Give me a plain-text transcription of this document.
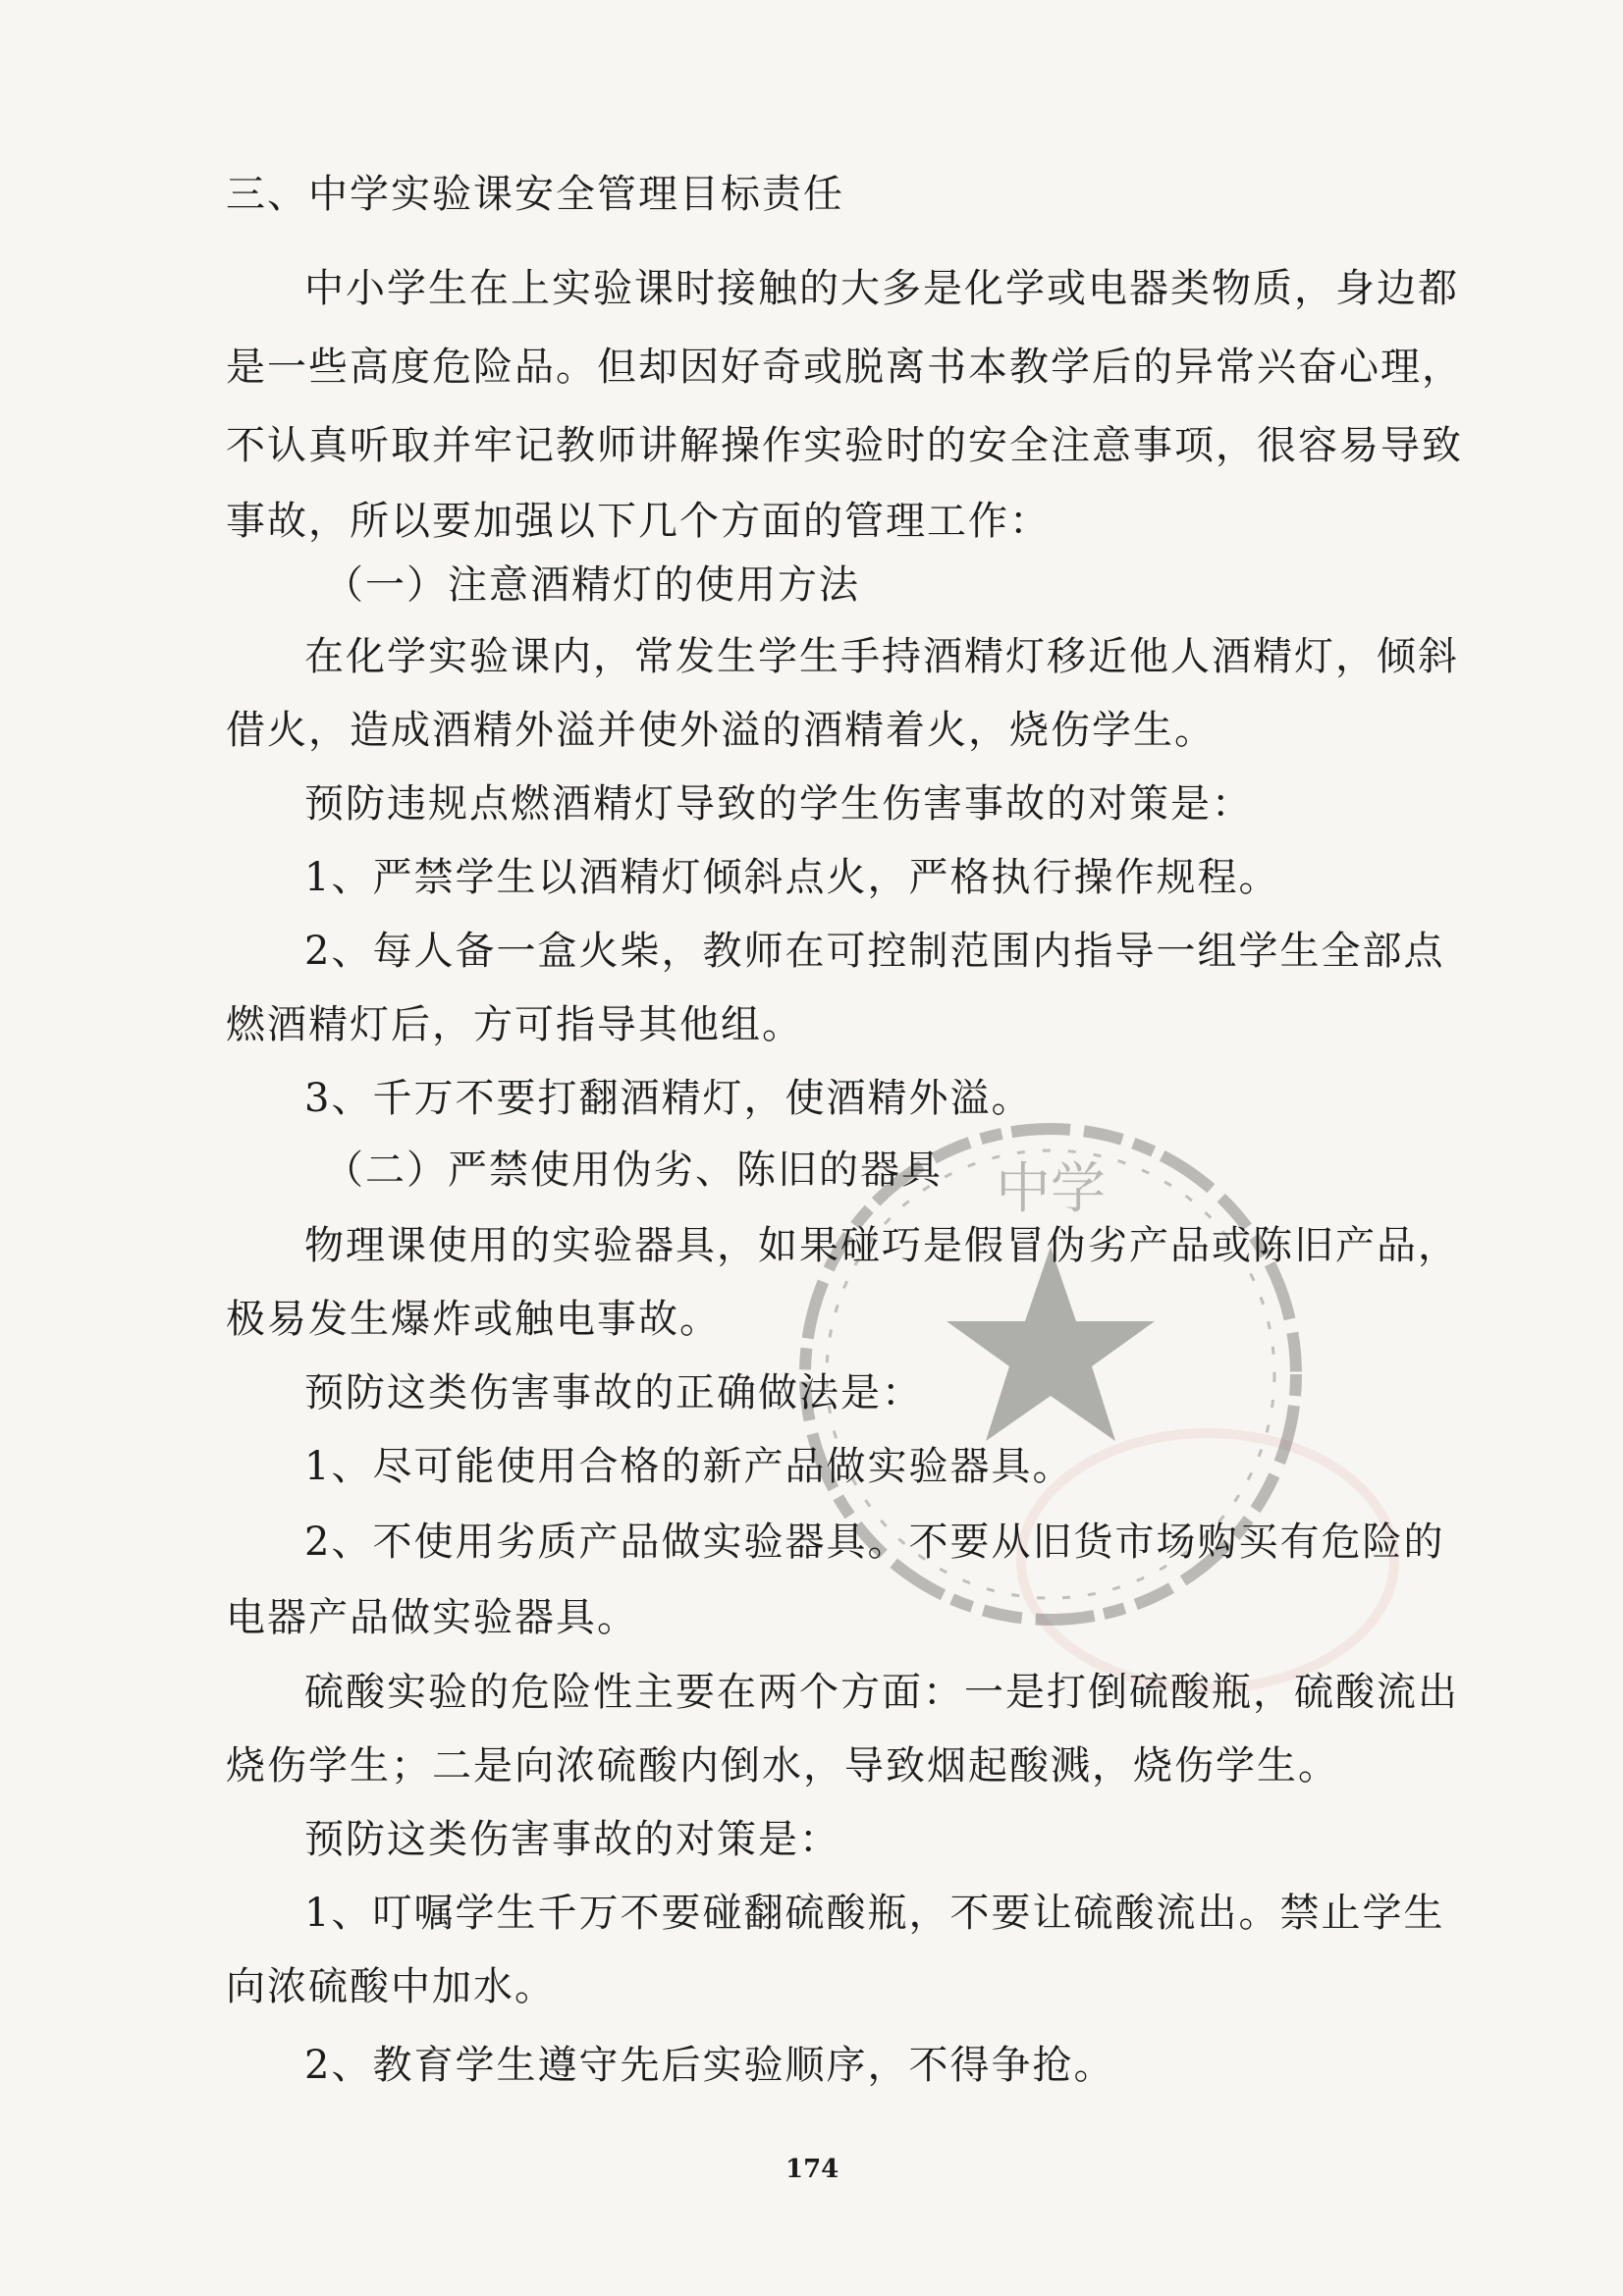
中学
三、中学实验课安全管理目标责任
中小学生在上实验课时接触的大多是化学或电器类物质，身边都
是一些高度危险品。但却因好奇或脱离书本教学后的异常兴奋心理，
不认真听取并牢记教师讲解操作实验时的安全注意事项，很容易导致
事故，所以要加强以下几个方面的管理工作：
（一）注意酒精灯的使用方法
在化学实验课内，常发生学生手持酒精灯移近他人酒精灯，倾斜
借火，造成酒精外溢并使外溢的酒精着火，烧伤学生。
预防违规点燃酒精灯导致的学生伤害事故的对策是：
1、严禁学生以酒精灯倾斜点火，严格执行操作规程。
2、每人备一盒火柴，教师在可控制范围内指导一组学生全部点
燃酒精灯后，方可指导其他组。
3、千万不要打翻酒精灯，使酒精外溢。
（二）严禁使用伪劣、陈旧的器具
物理课使用的实验器具，如果碰巧是假冒伪劣产品或陈旧产品，
极易发生爆炸或触电事故。
预防这类伤害事故的正确做法是：
1、尽可能使用合格的新产品做实验器具。
2、不使用劣质产品做实验器具。不要从旧货市场购买有危险的
电器产品做实验器具。
硫酸实验的危险性主要在两个方面：一是打倒硫酸瓶，硫酸流出
烧伤学生；二是向浓硫酸内倒水，导致烟起酸溅，烧伤学生。
预防这类伤害事故的对策是：
1、叮嘱学生千万不要碰翻硫酸瓶，不要让硫酸流出。禁止学生
向浓硫酸中加水。
2、教育学生遵守先后实验顺序，不得争抢。
174
